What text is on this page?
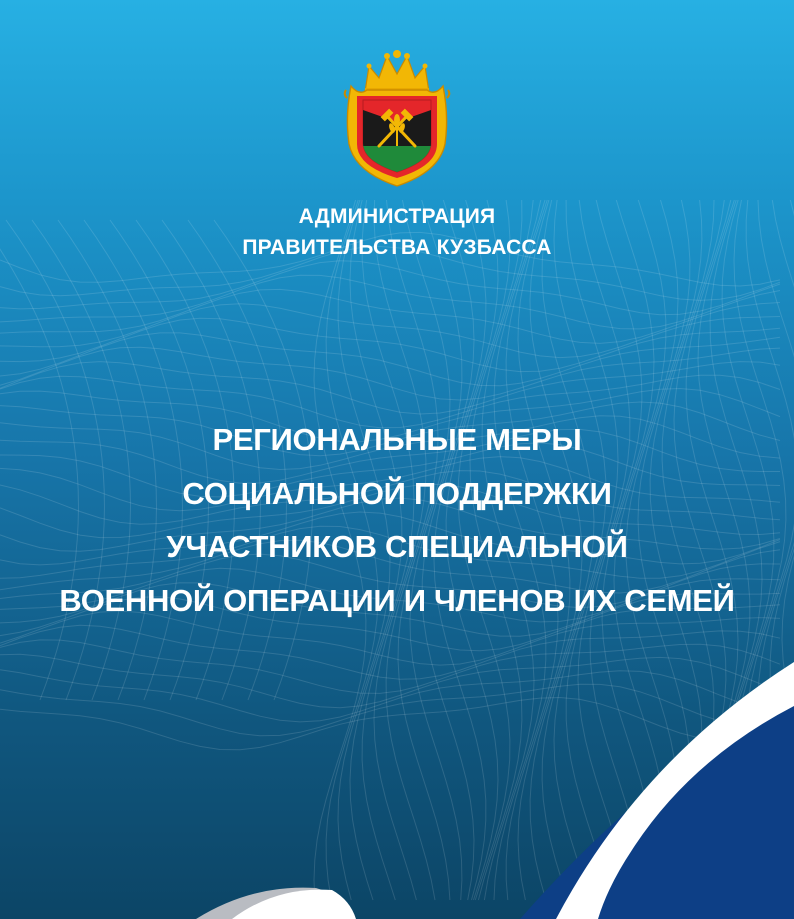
АДМИНИСТРАЦИЯ
ПРАВИТЕЛЬСТВА КУЗБАССА
РЕГИОНАЛЬНЫЕ МЕРЫ
СОЦИАЛЬНОЙ ПОДДЕРЖКИ
УЧАСТНИКОВ СПЕЦИАЛЬНОЙ
ВОЕННОЙ ОПЕРАЦИИ И ЧЛЕНОВ ИХ СЕМЕЙ
